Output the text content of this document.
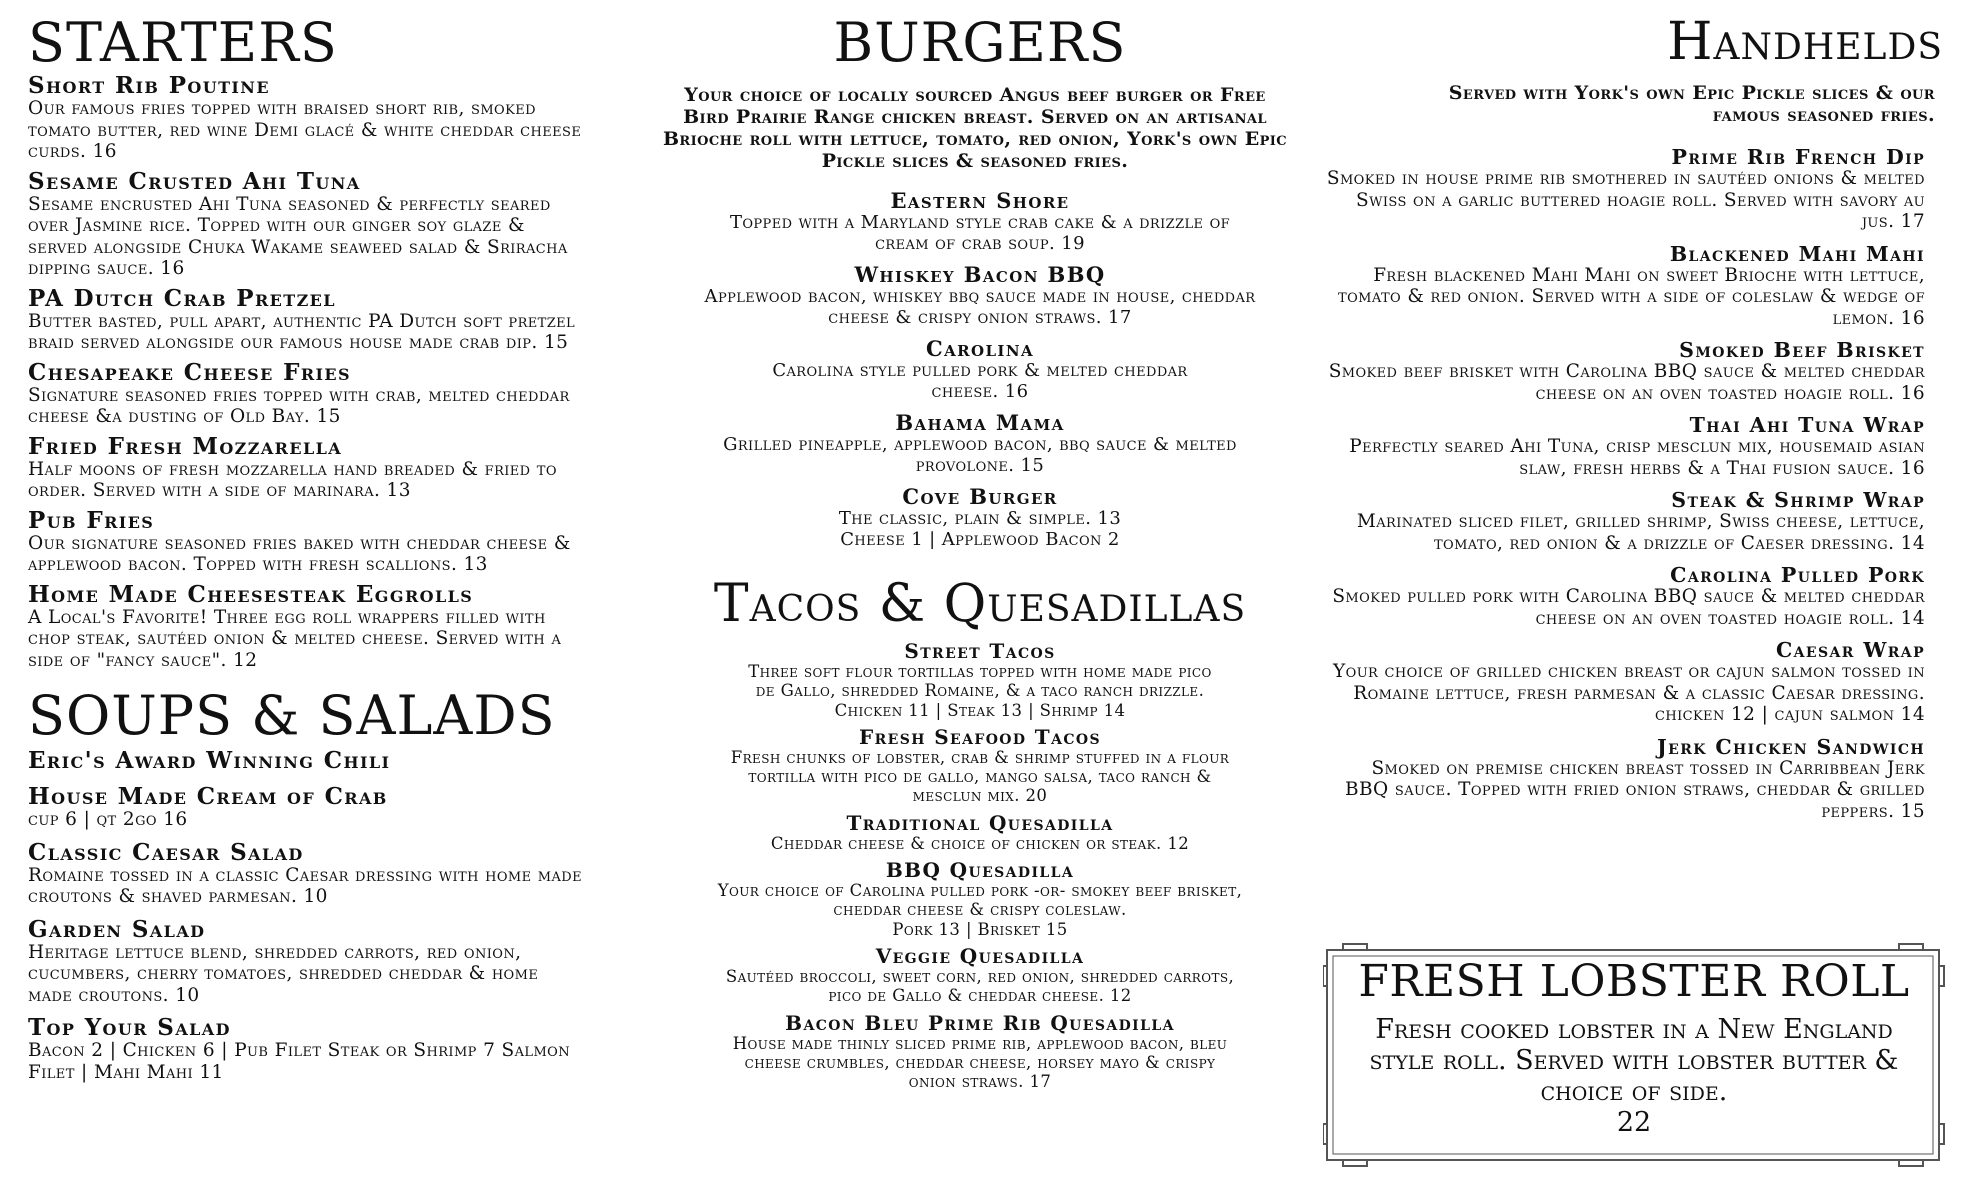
STARTERS
Short Rib Poutine
Our famous fries topped with braised short rib, smoked tomato butter, red wine Demi glacé & white cheddar cheese curds. 16
Sesame Crusted Ahi Tuna
Sesame encrusted Ahi Tuna seasoned & perfectly seared over Jasmine rice. Topped with our ginger soy glaze & served alongside Chuka Wakame seaweed salad & Sriracha dipping sauce. 16
PA Dutch Crab Pretzel
Butter basted, pull apart, authentic PA Dutch soft pretzel braid served alongside our famous house made crab dip. 15
Chesapeake Cheese Fries
Signature seasoned fries topped with crab, melted cheddar cheese &a dusting of Old Bay. 15
Fried Fresh Mozzarella
Half moons of fresh mozzarella hand breaded & fried to order. Served with a side of marinara. 13
Pub Fries
Our signature seasoned fries baked with cheddar cheese & applewood bacon. Topped with fresh scallions. 13
Home Made Cheesesteak Eggrolls
A Local's Favorite! Three egg roll wrappers filled with chop steak, sautéed onion & melted cheese. Served with a side of "fancy sauce". 12
SOUPS & SALADS
Eric's Award Winning Chili
House Made Cream of Crab
cup 6 | qt 2go 16
Classic Caesar Salad
Romaine tossed in a classic Caesar dressing with home made croutons & shaved parmesan. 10
Garden Salad
Heritage lettuce blend, shredded carrots, red onion, cucumbers, cherry tomatoes, shredded cheddar & home made croutons. 10
Top Your Salad
Bacon 2 | Chicken 6 | Pub Filet Steak or Shrimp 7 Salmon Filet | Mahi Mahi 11
BURGERS
Your choice of locally sourced Angus beef burger or Free Bird Prairie Range chicken breast. Served on an artisanal Brioche roll with lettuce, tomato, red onion, York's own Epic Pickle slices & seasoned fries.
Eastern Shore
Topped with a Maryland style crab cake & a drizzle of cream of crab soup. 19
Whiskey Bacon BBQ
Applewood bacon, whiskey bbq sauce made in house, cheddar cheese & crispy onion straws. 17
Carolina
Carolina style pulled pork & melted cheddar cheese. 16
Bahama Mama
Grilled pineapple, applewood bacon, bbq sauce & melted provolone. 15
Cove Burger
The classic, plain & simple. 13
Cheese 1 | Applewood Bacon 2
Tacos & Quesadillas
Street Tacos
Three soft flour tortillas topped with home made pico de Gallo, shredded Romaine, & a taco ranch drizzle.
Chicken 11 | Steak 13 | Shrimp 14
Fresh Seafood Tacos
Fresh chunks of lobster, crab & shrimp stuffed in a flour tortilla with pico de gallo, mango salsa, taco ranch & mesclun mix. 20
Traditional Quesadilla
Cheddar cheese & choice of chicken or steak. 12
BBQ Quesadilla
Your choice of Carolina pulled pork -or- smokey beef brisket, cheddar cheese & crispy coleslaw.
Pork 13 | Brisket 15
Veggie Quesadilla
Sautéed broccoli, sweet corn, red onion, shredded carrots, pico de Gallo & cheddar cheese. 12
Bacon Bleu Prime Rib Quesadilla
House made thinly sliced prime rib, applewood bacon, bleu cheese crumbles, cheddar cheese, horsey mayo & crispy onion straws. 17
Handhelds
Served with York's own Epic Pickle slices & our famous seasoned fries.
Prime Rib French Dip
Smoked in house prime rib smothered in sautéed onions & melted Swiss on a garlic buttered hoagie roll. Served with savory au jus. 17
Blackened Mahi Mahi
Fresh blackened Mahi Mahi on sweet Brioche with lettuce, tomato & red onion. Served with a side of coleslaw & wedge of lemon. 16
Smoked Beef Brisket
Smoked beef brisket with Carolina BBQ sauce & melted cheddar cheese on an oven toasted hoagie roll. 16
Thai Ahi Tuna Wrap
Perfectly seared Ahi Tuna, crisp mesclun mix, housemaid asian slaw, fresh herbs & a Thai fusion sauce. 16
Steak & Shrimp Wrap
Marinated sliced filet, grilled shrimp, Swiss cheese, lettuce, tomato, red onion & a drizzle of Caeser dressing. 14
Carolina Pulled Pork
Smoked pulled pork with Carolina BBQ sauce & melted cheddar cheese on an oven toasted hoagie roll. 14
Caesar Wrap
Your choice of grilled chicken breast or cajun salmon tossed in Romaine lettuce, fresh parmesan & a classic Caesar dressing.
chicken 12 | cajun salmon 14
Jerk Chicken Sandwich
Smoked on premise chicken breast tossed in Carribbean Jerk BBQ sauce. Topped with fried onion straws, cheddar & grilled peppers. 15
FRESH LOBSTER ROLL
Fresh cooked lobster in a New England style roll. Served with lobster butter & choice of side.
22
